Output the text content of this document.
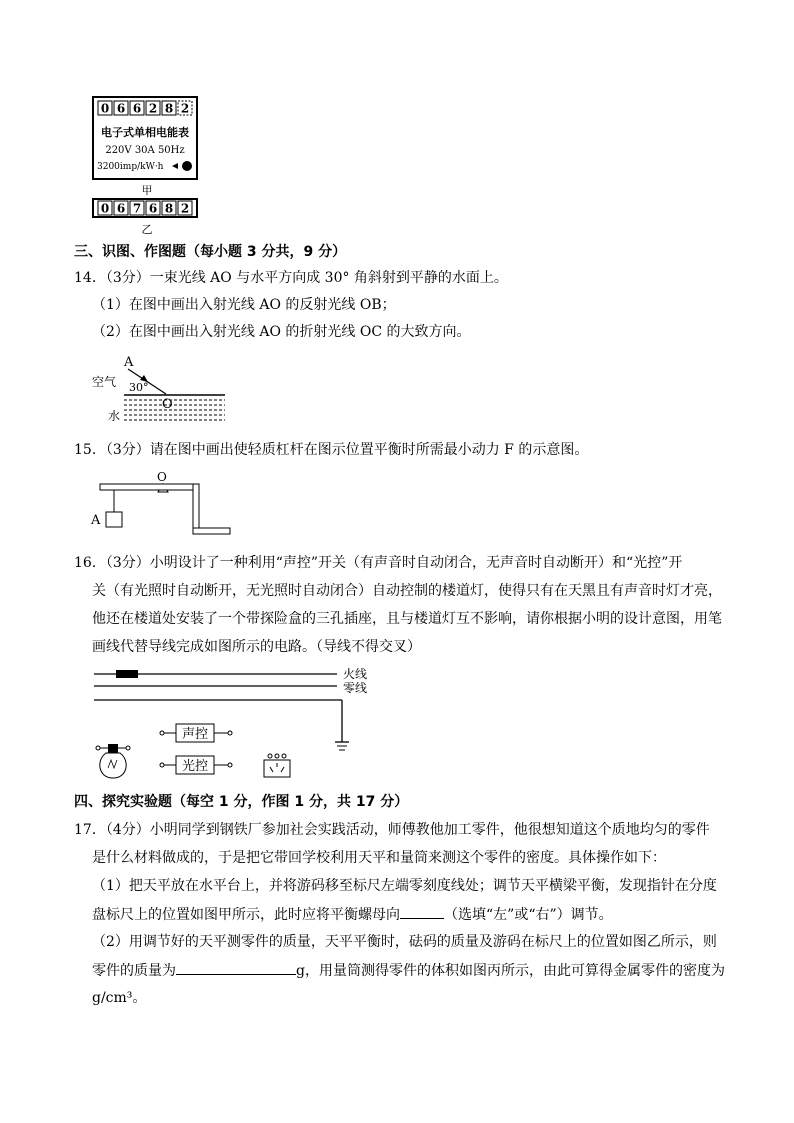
0 6 6 2 8 2
电子式单相电能表
220V 30A 50Hz
3200imp/kW·h
甲
0 6 7 6 8 2
乙
三、识图、作图题（每小题 3 分共，9 分）
14．（3分）一束光线 AO 与水平方向成 30° 角斜射到平静的水面上。
（1）在图中画出入射光线 AO 的反射光线 OB；
（2）在图中画出入射光线 AO 的折射光线 OC 的大致方向。
A
空气 30°
O
水
15．（3分）请在图中画出使轻质杠杆在图示位置平衡时所需最小动力 F 的示意图。
O
A
16．（3分）小明设计了一种利用“声控”开关（有声音时自动闭合，无声音时自动断开）和“光控”开
关（有光照时自动断开，无光照时自动闭合）自动控制的楼道灯，使得只有在天黑且有声音时灯才亮，
他还在楼道处安装了一个带探险盒的三孔插座，且与楼道灯互不影响，请你根据小明的设计意图，用笔
画线代替导线完成如图所示的电路。（导线不得交叉）
火线
零线
声控
光控
四、探究实验题（每空 1 分，作图 1 分，共 17 分）
17．（4分）小明同学到钢铁厂参加社会实践活动，师傅教他加工零件，他很想知道这个质地均匀的零件
是什么材料做成的，于是把它带回学校利用天平和量筒来测这个零件的密度。具体操作如下：
（1）把天平放在水平台上，并将游码移至标尺左端零刻度线处；调节天平横梁平衡，发现指针在分度
盘标尺上的位置如图甲所示，此时应将平衡螺母向	（选填“左”或“右”）调节。
（2）用调节好的天平测零件的质量，天平平衡时，砝码的质量及游码在标尺上的位置如图乙所示，则
零件的质量为	g，用量筒测得零件的体积如图丙所示，由此可算得金属零件的密度为
g/cm³。
